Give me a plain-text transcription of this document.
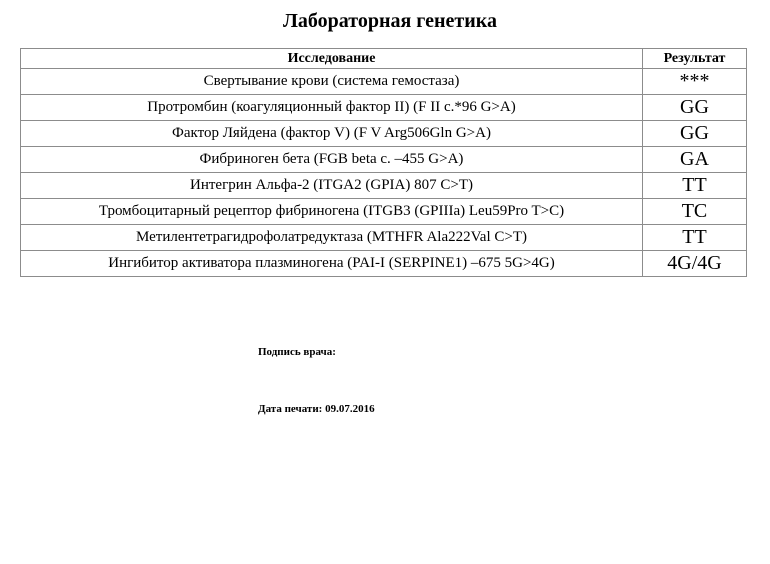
Лабораторная генетика
Исследование	Результат
Свертывание крови (система гемостаза)	***
Протромбин (коагуляционный фактор II) (F II c.*96 G>A)	GG
Фактор Ляйдена (фактор V) (F V Arg506Gln G>A)	GG
Фибриноген бета (FGB beta c. –455 G>A)	GA
Интегрин Альфа-2 (ITGA2 (GPIA) 807 C>T)	TT
Тромбоцитарный рецептор фибриногена (ITGB3 (GPIIIa) Leu59Pro T>C)	TC
Метилентетрагидрофолатредуктаза (MTHFR Ala222Val C>T)	TT
Ингибитор активатора плазминогена (PAI-I (SERPINE1) –675 5G>4G)	4G/4G
Подпись врача:
Дата печати: 09.07.2016
